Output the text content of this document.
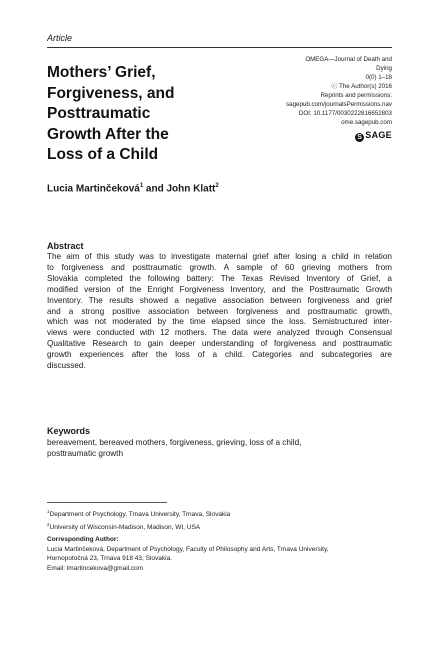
Article
Mothers’ Grief,
Forgiveness, and
Posttraumatic
Growth After the
Loss of a Child
OMEGA—Journal of Death and
Dying
0(0) 1–18
ⓒ The Author(s) 2016
Reprints and permissions:
sagepub.com/journalsPermissions.nav
DOI: 10.1177/0030222816652803
ome.sagepub.com
S SAGE
Lucia Martinčeková$^1$ and John Klatt$^2$
Abstract
The aim of this study was to investigate maternal grief after losing a child in relation
to forgiveness and posttraumatic growth. A sample of 60 grieving mothers from
Slovakia completed the following battery: The Texas Revised Inventory of Grief, a
modified version of the Enright Forgiveness Inventory, and the Posttraumatic Growth
Inventory. The results showed a negative association between forgiveness and grief
and a strong positive association between forgiveness and posttraumatic growth,
which was not moderated by the time elapsed since the loss. Semistructured inter-
views were conducted with 12 mothers. The data were analyzed through Consensual
Qualitative Research to gain deeper understanding of forgiveness and posttraumatic
growth experiences after the loss of a child. Categories and subcategories are
discussed.
Keywords
bereavement, bereaved mothers, forgiveness, grieving, loss of a child,
posttraumatic growth
$^1$Department of Psychology, Trnava University, Trnava, Slovakia
$^2$University of Wisconsin-Madison, Madison, WI, USA
Corresponding Author:
Lucia Martinčeková, Department of Psychology, Faculty of Philosophy and Arts, Trnava University,
Hornopotočná 23, Trnava 918 43, Slovakia.
Email: lmartincekova@gmail.com
